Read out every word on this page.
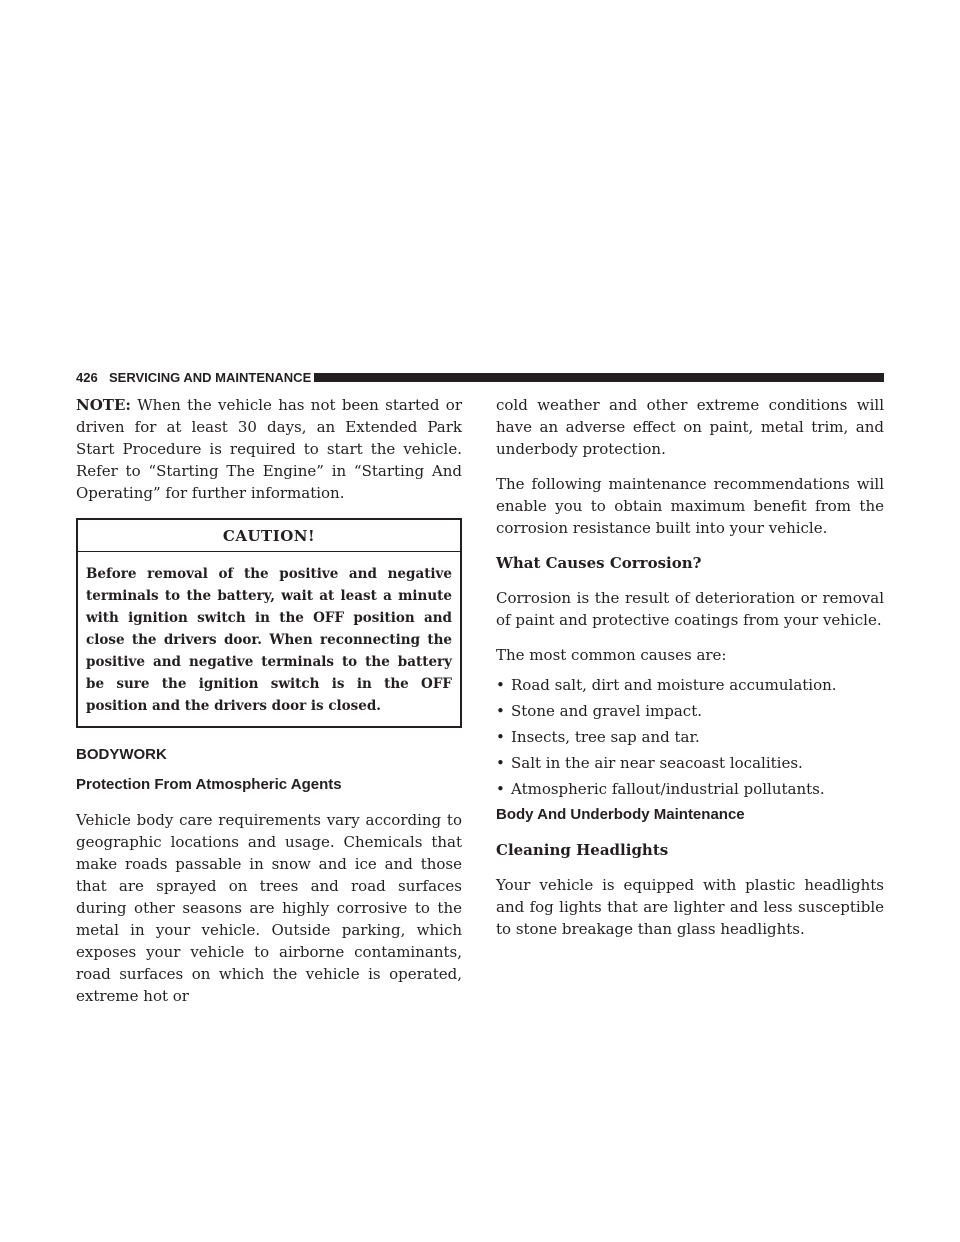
426 SERVICING AND MAINTENANCE

NOTE: When the vehicle has not been started or driven for at least 30 days, an Extended Park Start Procedure is required to start the vehicle. Refer to “Starting The Engine” in “Starting And Operating” for further information.

CAUTION!
Before removal of the positive and negative terminals to the battery, wait at least a minute with ignition switch in the OFF position and close the drivers door. When reconnecting the positive and negative terminals to the battery be sure the ignition switch is in the OFF position and the drivers door is closed.
BODYWORK
Protection From Atmospheric Agents

Vehicle body care requirements vary according to geographic locations and usage. Chemicals that make roads passable in snow and ice and those that are sprayed on trees and road surfaces during other seasons are highly corrosive to the metal in your vehicle. Outside parking, which exposes your vehicle to airborne contaminants, road surfaces on which the vehicle is operated, extreme hot or

cold weather and other extreme conditions will have an adverse effect on paint, metal trim, and underbody protection.

The following maintenance recommendations will enable you to obtain maximum benefit from the corrosion resistance built into your vehicle.

What Causes Corrosion?

Corrosion is the result of deterioration or removal of paint and protective coatings from your vehicle.

The most common causes are:

• Road salt, dirt and moisture accumulation.
• Stone and gravel impact.
• Insects, tree sap and tar.
• Salt in the air near seacoast localities.
• Atmospheric fallout/industrial pollutants.
Body And Underbody Maintenance
Cleaning Headlights

Your vehicle is equipped with plastic headlights and fog lights that are lighter and less susceptible to stone breakage than glass headlights.
